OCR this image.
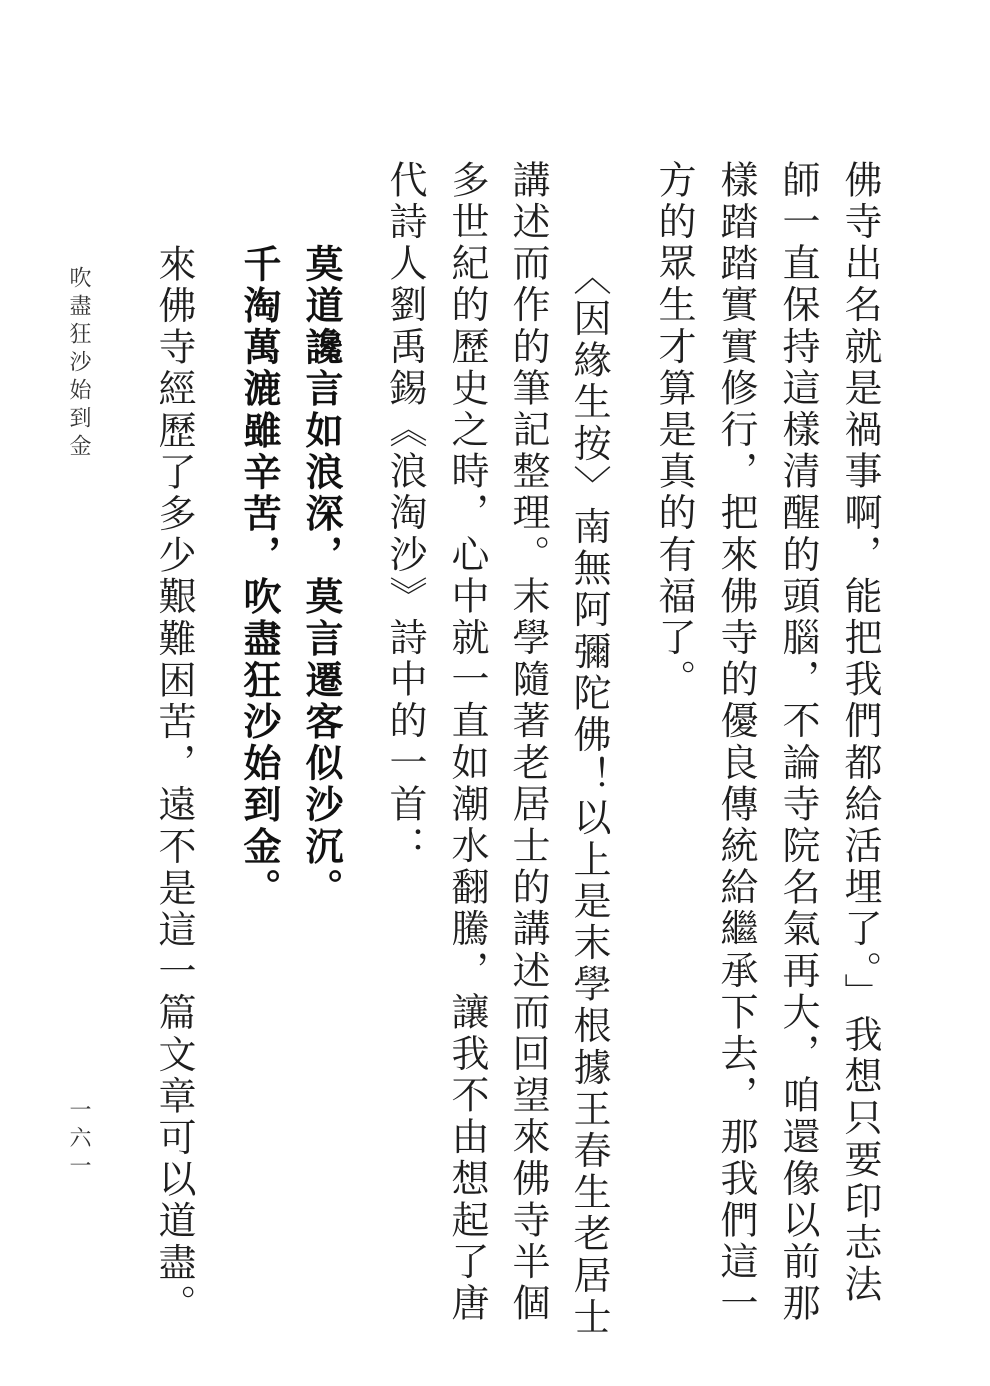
佛寺出名就是禍事啊，能把我們都給活埋了。」我想只要印志法
師一直保持這樣清醒的頭腦，不論寺院名氣再大，咱還像以前那
樣踏踏實實修行，把來佛寺的優良傳統給繼承下去，那我們這一
方的眾生才算是真的有福了。
〈因緣生按〉南無阿彌陀佛！以上是末學根據王春生老居士
講述而作的筆記整理。末學隨著老居士的講述而回望來佛寺半個
多世紀的歷史之時，心中就一直如潮水翻騰，讓我不由想起了唐
代詩人劉禹錫《浪淘沙》詩中的一首：
莫道讒言如浪深，莫言遷客似沙沉。
千淘萬漉雖辛苦，吹盡狂沙始到金。
來佛寺經歷了多少艱難困苦，遠不是這一篇文章可以道盡。
吹盡狂沙始到金
一六一
